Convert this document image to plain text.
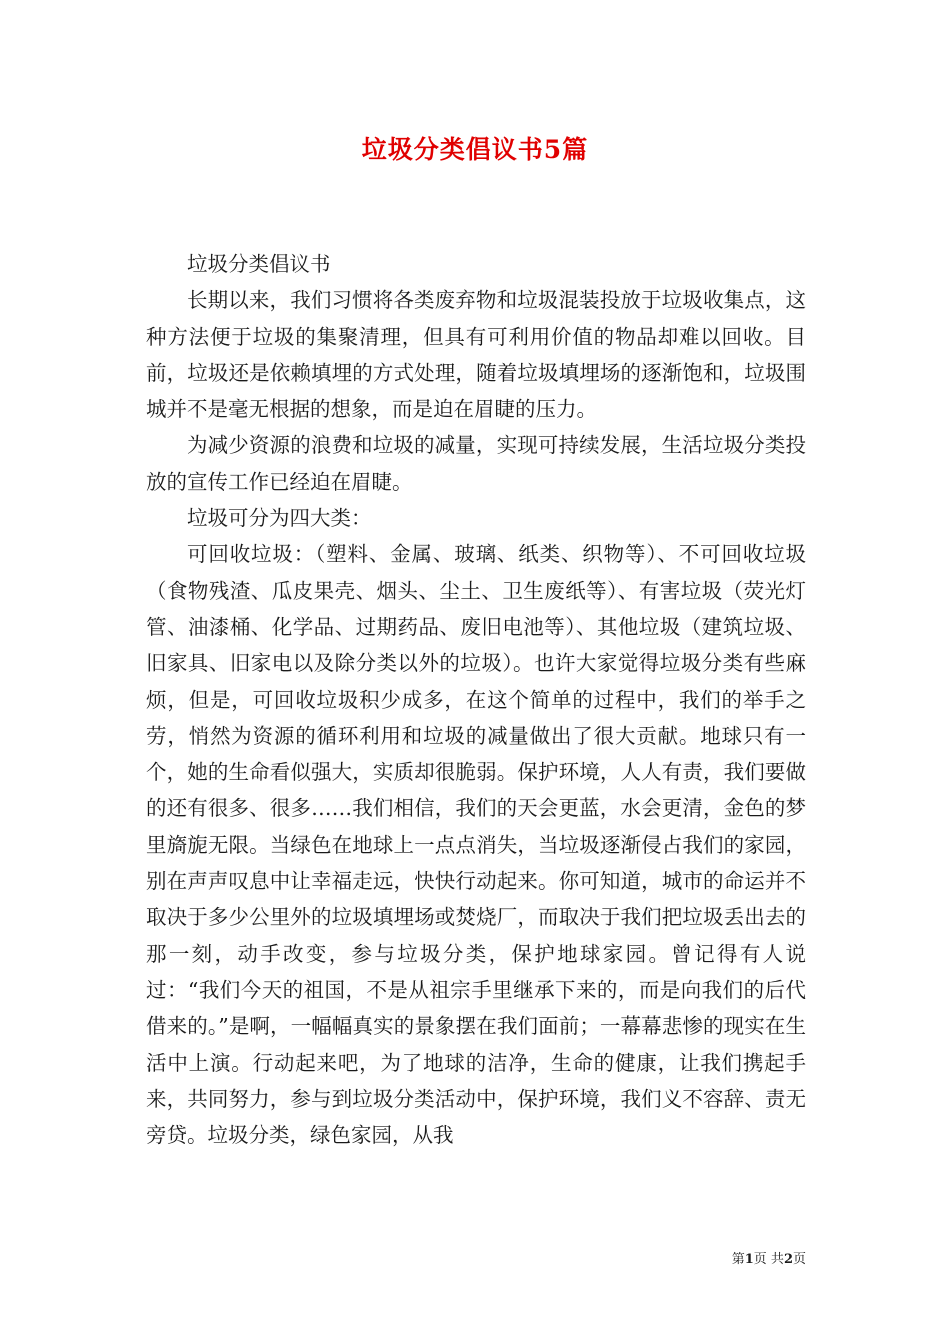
垃圾分类倡议书5篇

垃圾分类倡议书

长期以来，我们习惯将各类废弃物和垃圾混装投放于垃圾收集点，这种方法便于垃圾的集聚清理，但具有可利用价值的物品却难以回收。目前，垃圾还是依赖填埋的方式处理，随着垃圾填埋场的逐渐饱和，垃圾围城并不是毫无根据的想象，而是迫在眉睫的压力。

为减少资源的浪费和垃圾的减量，实现可持续发展，生活垃圾分类投放的宣传工作已经迫在眉睫。

垃圾可分为四大类：

可回收垃圾：（塑料、金属、玻璃、纸类、织物等）、不可回收垃圾（食物残渣、瓜皮果壳、烟头、尘土、卫生废纸等）、有害垃圾（荧光灯管、油漆桶、化学品、过期药品、废旧电池等）、其他垃圾（建筑垃圾、旧家具、旧家电以及除分类以外的垃圾）。也许大家觉得垃圾分类有些麻烦，但是，可回收垃圾积少成多，在这个简单的过程中，我们的举手之劳，悄然为资源的循环利用和垃圾的减量做出了很大贡献。地球只有一个，她的生命看似强大，实质却很脆弱。保护环境，人人有责，我们要做的还有很多、很多……我们相信，我们的天会更蓝，水会更清，金色的梦里旖旎无限。当绿色在地球上一点点消失，当垃圾逐渐侵占我们的家园，别在声声叹息中让幸福走远，快快行动起来。你可知道，城市的命运并不取决于多少公里外的垃圾填埋场或焚烧厂，而取决于我们把垃圾丢出去的那一刻，动手改变，参与垃圾分类，保护地球家园。曾记得有人说过：“我们今天的祖国，不是从祖宗手里继承下来的，而是向我们的后代借来的。”是啊，一幅幅真实的景象摆在我们面前；一幕幕悲惨的现实在生活中上演。行动起来吧，为了地球的洁净，生命的健康，让我们携起手来，共同努力，参与到垃圾分类活动中，保护环境，我们义不容辞、责无旁贷。垃圾分类，绿色家园，从我

第1页 共2页
